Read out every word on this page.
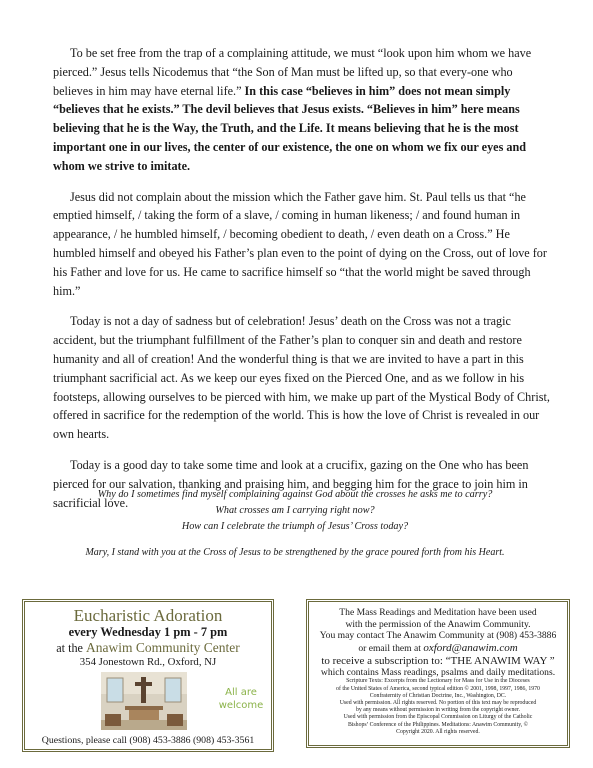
To be set free from the trap of a complaining attitude, we must “look upon him whom we have pierced.” Jesus tells Nicodemus that “the Son of Man must be lifted up, so that every-one who believes in him may have eternal life.” In this case “believes in him” does not mean simply “believes that he exists.” The devil believes that Jesus exists. “Believes in him” here means believing that he is the Way, the Truth, and the Life. It means believing that he is the most important one in our lives, the center of our existence, the one on whom we fix our eyes and whom we strive to imitate.

Jesus did not complain about the mission which the Father gave him. St. Paul tells us that “he emptied himself, / taking the form of a slave, / coming in human likeness; / and found human in appearance, / he humbled himself, / becoming obedient to death, / even death on a Cross.” He humbled himself and obeyed his Father’s plan even to the point of dying on the Cross, out of love for his Father and love for us. He came to sacrifice himself so “that the world might be saved through him.”

Today is not a day of sadness but of celebration! Jesus’ death on the Cross was not a tragic accident, but the triumphant fulfillment of the Father’s plan to conquer sin and death and restore humanity and all of creation! And the wonderful thing is that we are invited to have a part in this triumphant sacrificial act. As we keep our eyes fixed on the Pierced One, and as we follow in his footsteps, allowing ourselves to be pierced with him, we make up part of the Mystical Body of Christ, offered in sacrifice for the redemption of the world. This is how the love of Christ is revealed in our own hearts.

Today is a good day to take some time and look at a crucifix, gazing on the One who has been pierced for our salvation, thanking and praising him, and begging him for the grace to join him in sacrificial love.

Why do I sometimes find myself complaining against God about the crosses he asks me to carry?
What crosses am I carrying right now?
How can I celebrate the triumph of Jesus’ Cross today?
Mary, I stand with you at the Cross of Jesus to be strengthened by the grace poured forth from his Heart.
Eucharistic Adoration
every Wednesday 1 pm - 7 pm
at the Anawim Community Center
354 Jonestown Rd., Oxford, NJ
All are
welcome
Questions, please call (908) 453-3886 (908) 453-3561
The Mass Readings and Meditation have been used
with the permission of the Anawim Community.
You may contact The Anawim Community at (908) 453-3886
or email them at oxford@anawim.com
to receive a subscription to: “THE ANAWIM WAY ”
which contains Mass readings, psalms and daily meditations.
Scripture Texts: Excerpts from the Lectionary for Mass for Use in the Dioceses
of the United States of America, second typical edition © 2001, 1998, 1997, 1986, 1970
Confraternity of Christian Doctrine, Inc., Washington, DC.
Used with permission. All rights reserved. No portion of this text may be reproduced
by any means without permission in writing from the copyright owner.
Used with permission from the Episcopal Commission on Liturgy of the Catholic
Bishops’ Conference of the Philippines. Meditations: Anawim Community, ©
Copyright 2020. All rights reserved.
